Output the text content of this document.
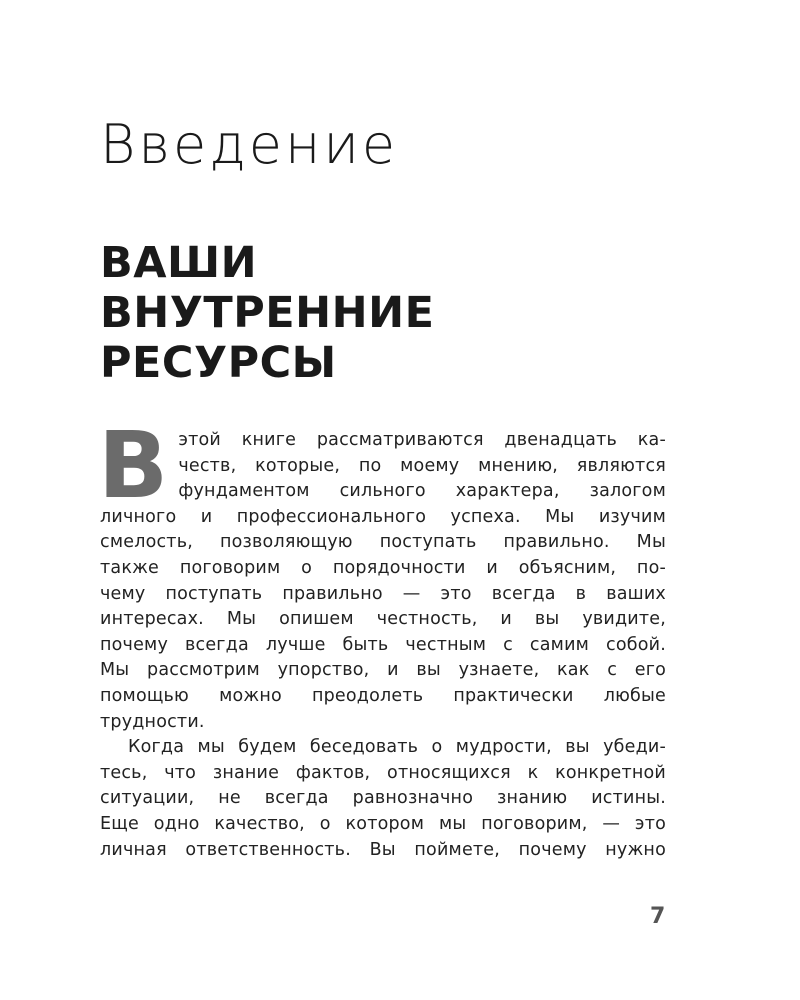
Введение
ВАШИ
ВНУТРЕННИЕ
РЕСУРСЫ

В этой книге рассматриваются двенадцать ка-
честв, которые, по моему мнению, являются
фундаментом сильного характера, залогом
личного и профессионального успеха. Мы изучим
смелость, позволяющую поступать правильно. Мы
также поговорим о порядочности и объясним, по-
чему поступать правильно — это всегда в ваших
интересах. Мы опишем честность, и вы увидите,
почему всегда лучше быть честным с самим собой.
Мы рассмотрим упорство, и вы узнаете, как с его
помощью можно преодолеть практически любые
трудности.

Когда мы будем беседовать о мудрости, вы убеди-
тесь, что знание фактов, относящихся к конкретной
ситуации, не всегда равнозначно знанию истины.
Еще одно качество, о котором мы поговорим, — это
личная ответственность. Вы поймете, почему нужно

7
